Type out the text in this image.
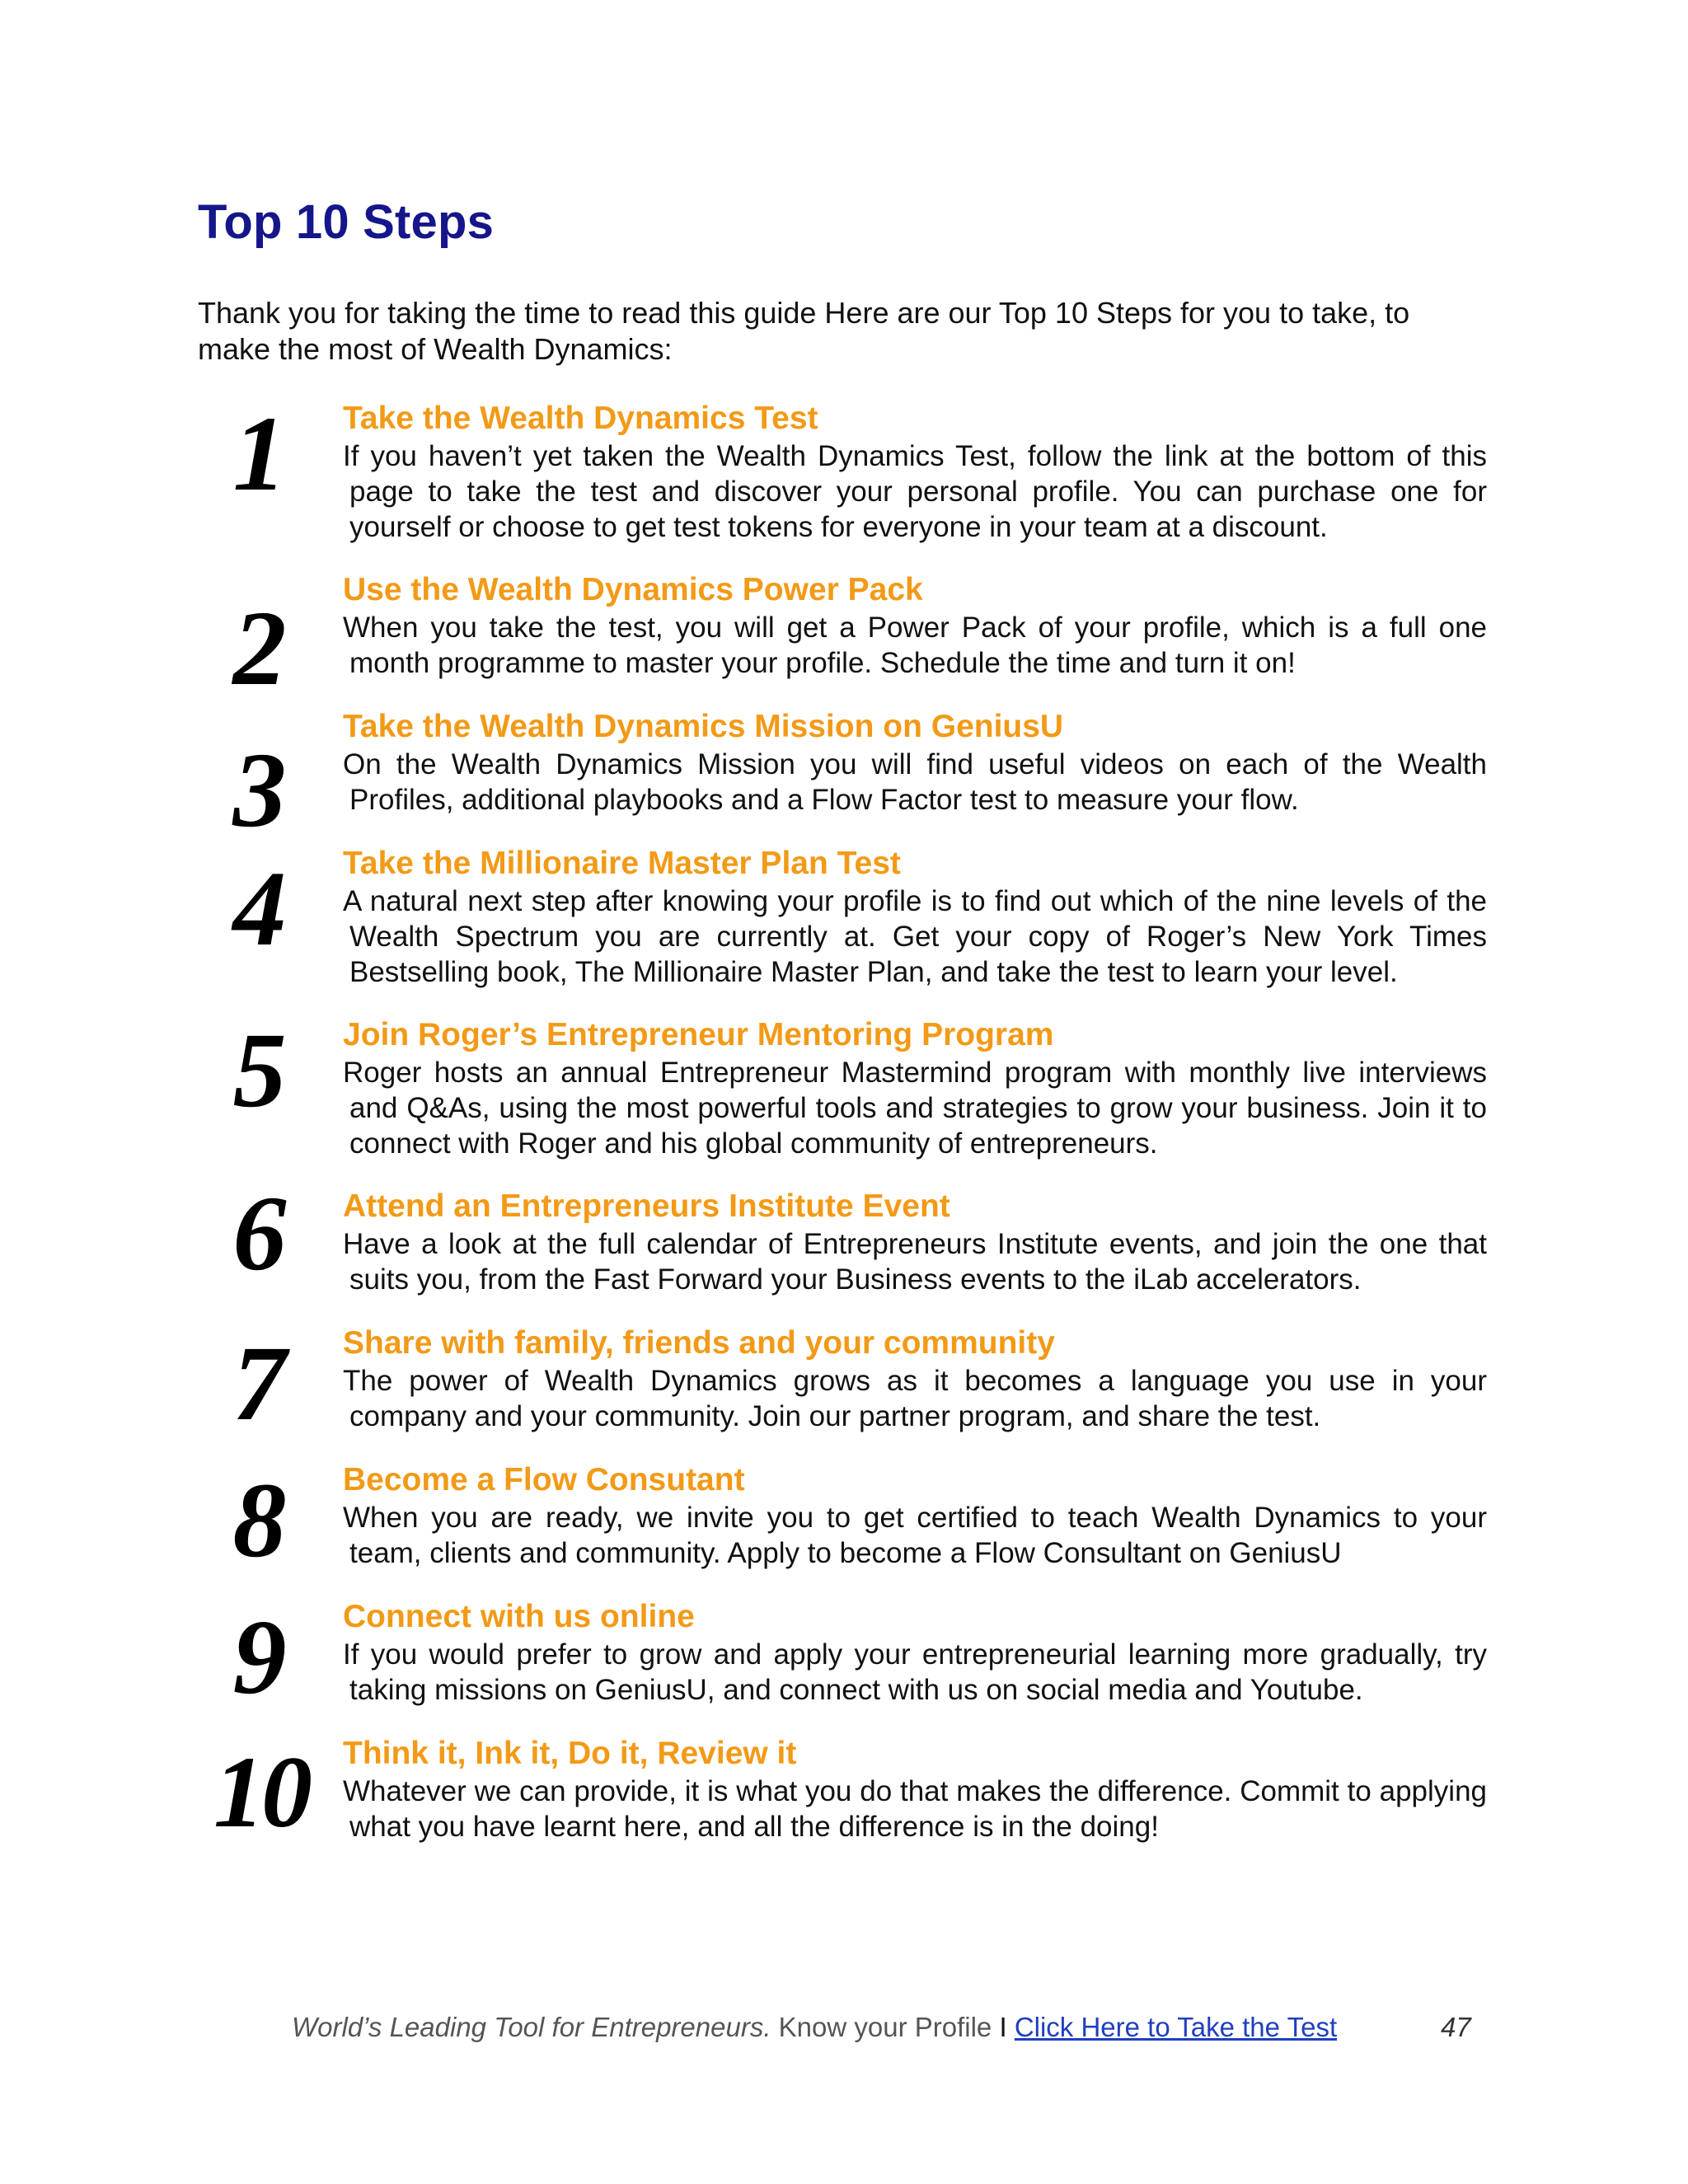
Top 10 Steps

Thank you for taking the time to read this guide Here are our Top 10 Steps for you to take, to make the most of Wealth Dynamics:

1	Take the Wealth Dynamics Test

If you haven’t yet taken the Wealth Dynamics Test, follow the link at the bottom of this page to take the test and discover your personal profile. You can purchase one for yourself or choose to get test tokens for everyone in your team at a discount.

2	Use the Wealth Dynamics Power Pack

When you take the test, you will get a Power Pack of your profile, which is a full one month programme to master your profile. Schedule the time and turn it on!

3
Take the Wealth Dynamics Mission on GeniusU

On the Wealth Dynamics Mission you will find useful videos on each of the Wealth Profiles, additional playbooks and a Flow Factor test to measure your flow.

4	Take the Millionaire Master Plan Test

A natural next step after knowing your profile is to find out which of the nine levels of the Wealth Spectrum you are currently at. Get your copy of Roger’s New York Times Bestselling book, The Millionaire Master Plan, and take the test to learn your level.

5	Join Roger’s Entrepreneur Mentoring Program

Roger hosts an annual Entrepreneur Mastermind program with monthly live interviews and Q&As, using the most powerful tools and strategies to grow your business. Join it to connect with Roger and his global community of entrepreneurs.

6	Attend an Entrepreneurs Institute Event

Have a look at the full calendar of Entrepreneurs Institute events, and join the one that suits you, from the Fast Forward your Business events to the iLab accelerators.

7	Share with family, friends and your community

The power of Wealth Dynamics grows as it becomes a language you use in your company and your community. Join our partner program, and share the test.

8	Become a Flow Consutant

When you are ready, we invite you to get certified to teach Wealth Dynamics to your team, clients and community. Apply to become a Flow Consultant on GeniusU

9	Connect with us online

If you would prefer to grow and apply your entrepreneurial learning more gradually, try taking missions on GeniusU, and connect with us on social media and Youtube.

10	Think it, Ink it, Do it, Review it

Whatever we can provide, it is what you do that makes the difference. Commit to applying what you have learnt here, and all the difference is in the doing!

World’s Leading Tool for Entrepreneurs. Know your Profile I Click Here to Take the Test	47
